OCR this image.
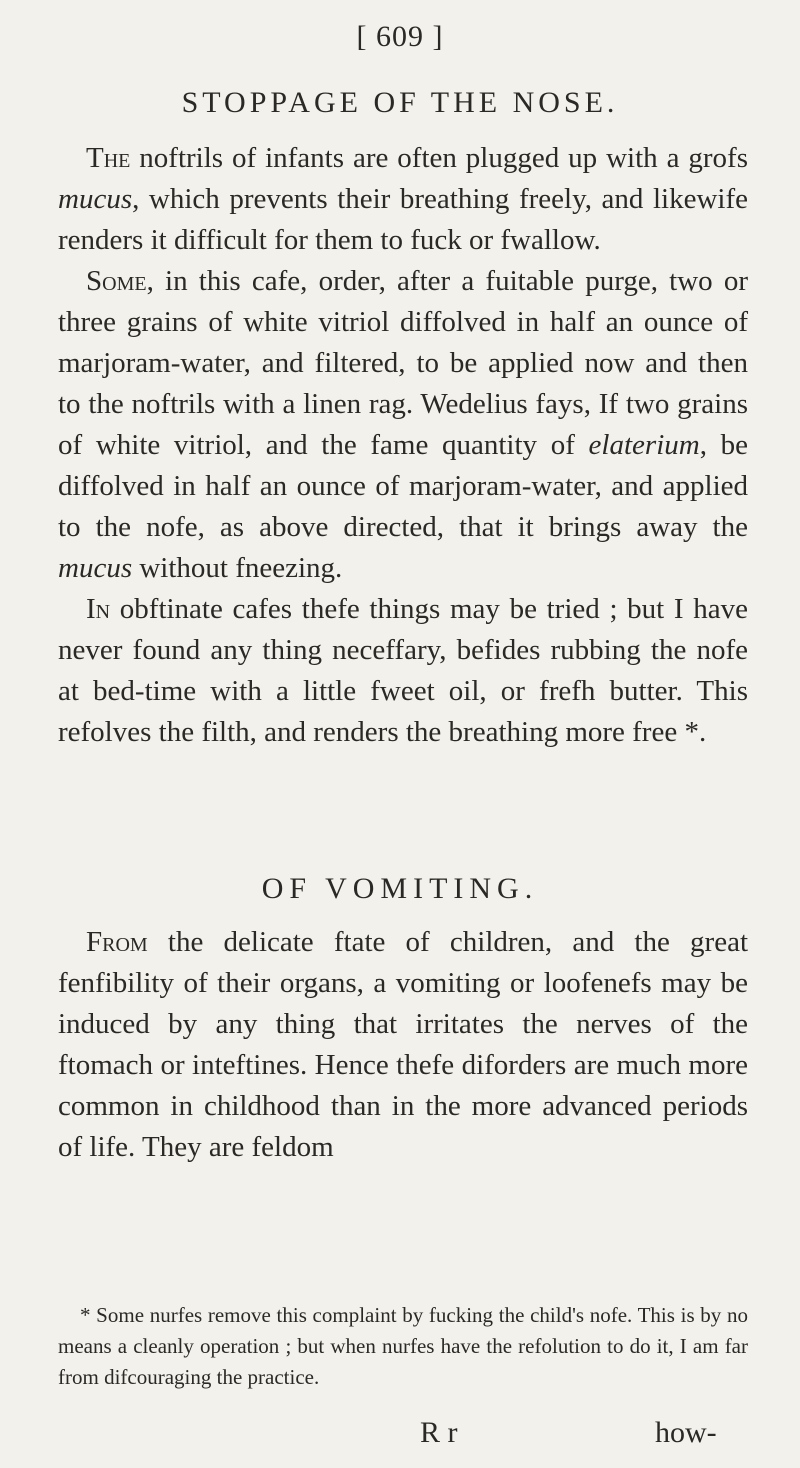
[ 609 ]
STOPPAGE OF THE NOSE.

The noftrils of infants are often plugged up with a grofs mucus, which prevents their breathing freely, and likewife renders it difficult for them to fuck or fwallow.

Some, in this cafe, order, after a fuitable purge, two or three grains of white vitriol diffolved in half an ounce of marjoram-water, and filtered, to be applied now and then to the noftrils with a linen rag. Wedelius fays, If two grains of white vitriol, and the fame quantity of elaterium, be diffolved in half an ounce of marjoram-water, and applied to the nofe, as above directed, that it brings away the mucus without fneezing.

In obftinate cafes thefe things may be tried ; but I have never found any thing neceffary, befides rubbing the nofe at bed-time with a little fweet oil, or frefh butter. This refolves the filth, and renders the breathing more free *.

OF VOMITING.

From the delicate ftate of children, and the great fenfibility of their organs, a vomiting or loofenefs may be induced by any thing that irritates the nerves of the ftomach or inteftines. Hence thefe diforders are much more common in childhood than in the more advanced periods of life. They are feldom

* Some nurfes remove this complaint by fucking the child's nofe. This is by no means a cleanly operation ; but when nurfes have the refolution to do it, I am far from difcouraging the practice.

R r	how-
